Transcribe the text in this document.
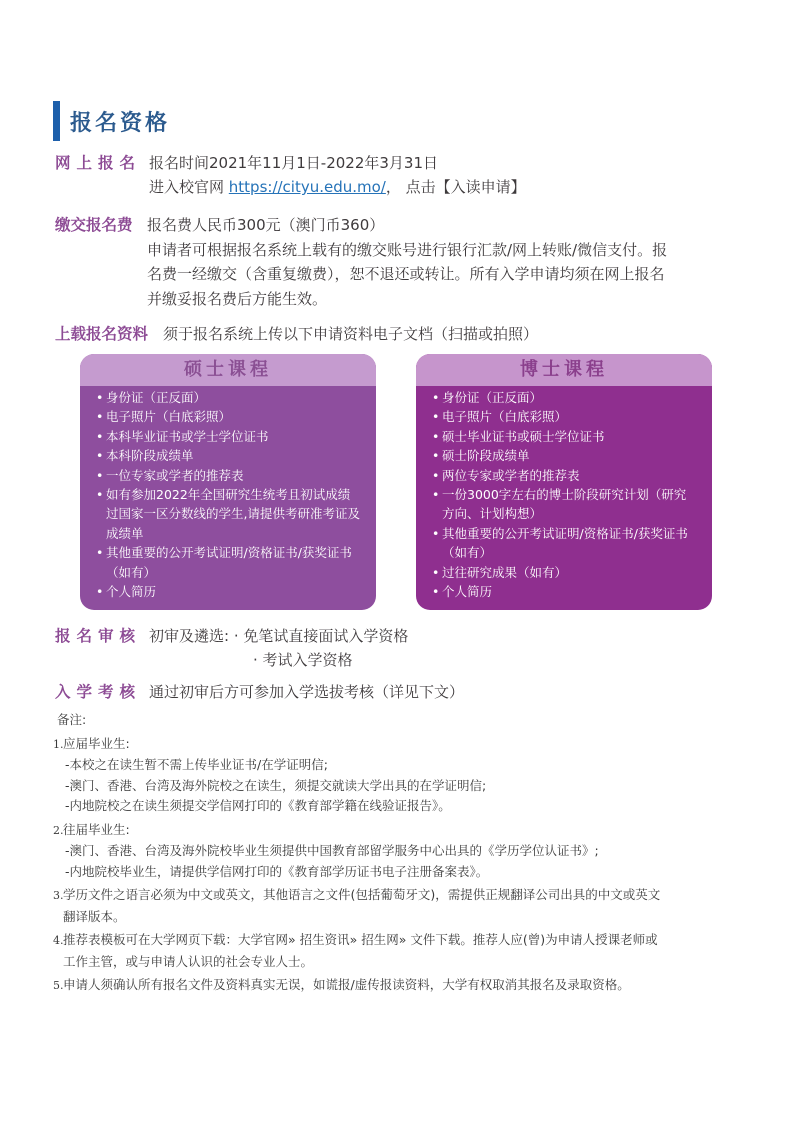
报名资格
网上报名 报名时间2021年11月1日-2022年3月31日
进入校官网 https://cityu.edu.mo/， 点击【入读申请】
缴交报名费 报名费人民币300元（澳门币360）
申请者可根据报名系统上载有的缴交账号进行银行汇款/网上转账/微信支付。报
名费一经缴交（含重复缴费），恕不退还或转让。所有入学申请均须在网上报名
并缴妥报名费后方能生效。
上载报名资料 须于报名系统上传以下申请资料电子文档（扫描或拍照）
硕士课程
• 身份证（正反面）
• 电子照片（白底彩照）
• 本科毕业证书或学士学位证书
• 本科阶段成绩单
• 一位专家或学者的推荐表
• 如有参加2022年全国研究生统考且初试成绩过国家一区分数线的学生,请提供考研准考证及成绩单
• 其他重要的公开考试证明/资格证书/获奖证书（如有）
• 个人简历
博士课程
• 身份证（正反面）
• 电子照片（白底彩照）
• 硕士毕业证书或硕士学位证书
• 硕士阶段成绩单
• 两位专家或学者的推荐表
• 一份3000字左右的博士阶段研究计划（研究方向、计划构想）
• 其他重要的公开考试证明/资格证书/获奖证书（如有）
• 过往研究成果（如有）
• 个人简历
报名审核 初审及遴选: · 免笔试直接面试入学资格
· 考试入学资格
入学考核 通过初审后方可参加入学选拔考核（详见下文）
备注:
1.应届毕业生:
-本校之在读生暂不需上传毕业证书/在学证明信;
-澳门、香港、台湾及海外院校之在读生，须提交就读大学出具的在学证明信;
-内地院校之在读生须提交学信网打印的《教育部学籍在线验证报告》。
2.往届毕业生:
-澳门、香港、台湾及海外院校毕业生须提供中国教育部留学服务中心出具的《学历学位认证书》;
-内地院校毕业生，请提供学信网打印的《教育部学历证书电子注册备案表》。
3.学历文件之语言必须为中文或英文，其他语言之文件(包括葡萄牙文)，需提供正规翻译公司出具的中文或英文
翻译版本。
4.推荐表模板可在大学网页下载：大学官网» 招生资讯» 招生网» 文件下载。推荐人应(曾)为申请人授课老师或
工作主管，或与申请人认识的社会专业人士。
5.申请人须确认所有报名文件及资料真实无误，如谎报/虚传报读资料，大学有权取消其报名及录取资格。
